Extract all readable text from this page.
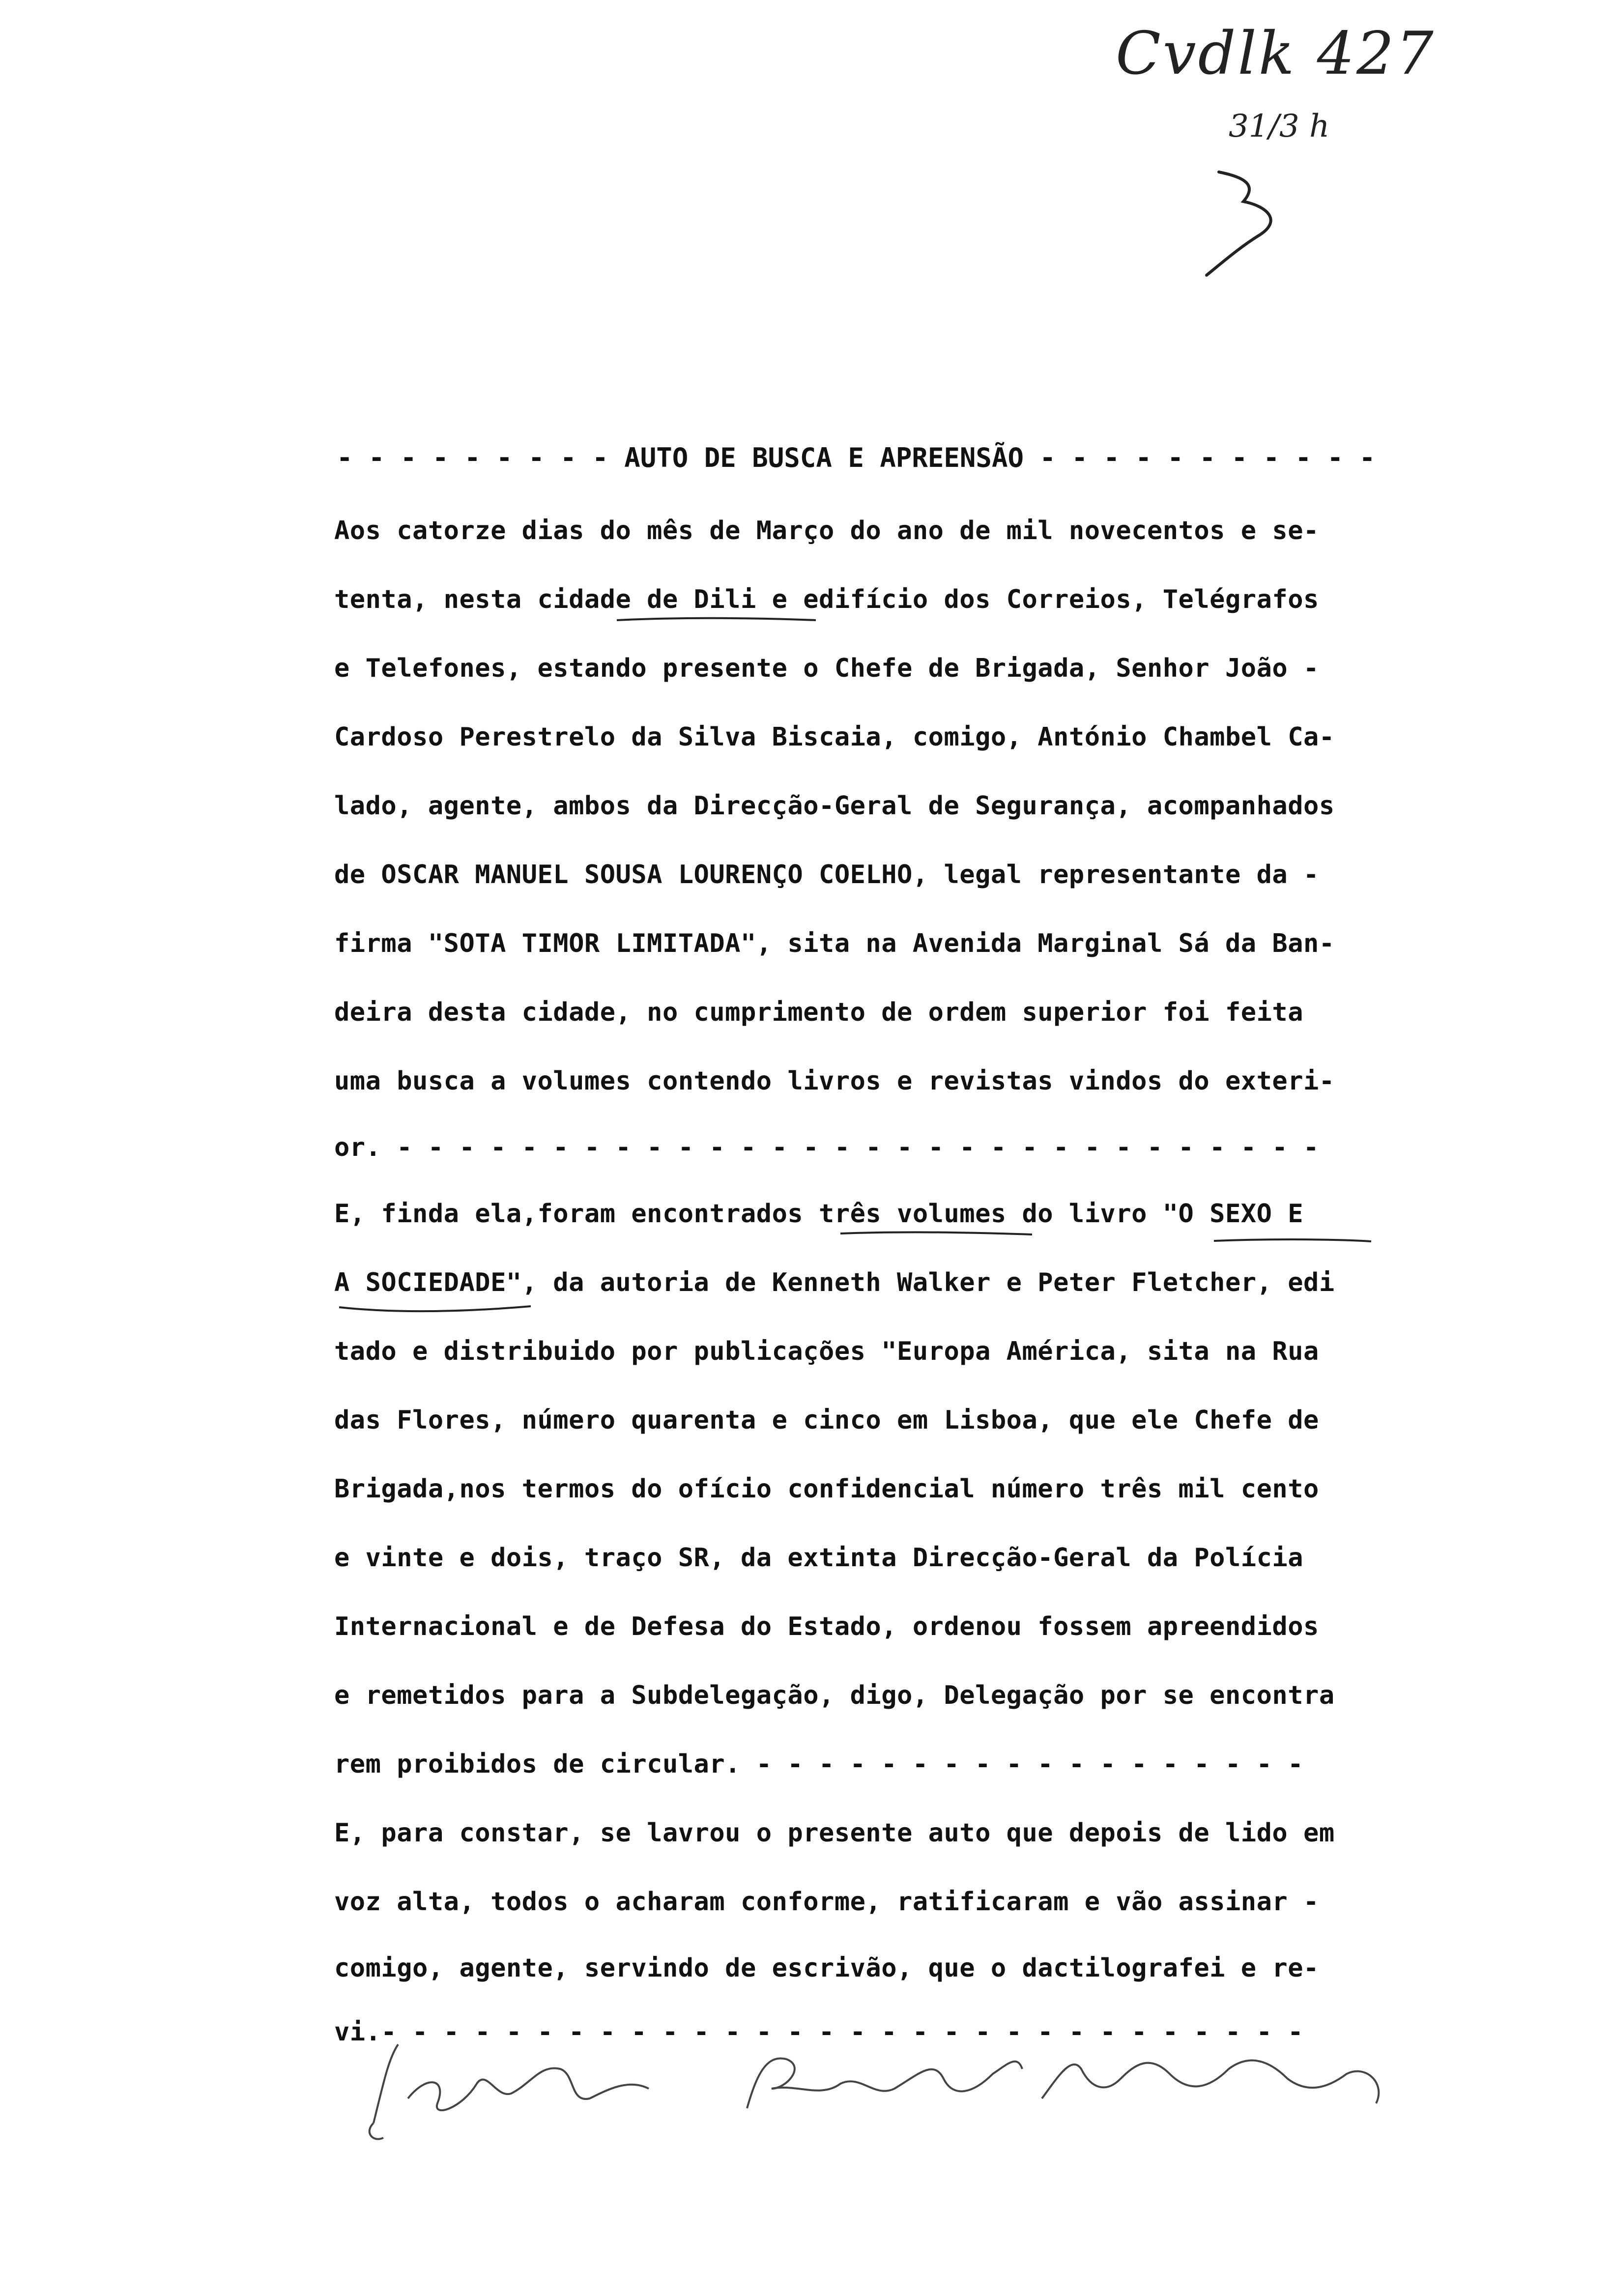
Cvdlk 427
31/3 h
- - - - - - - - - AUTO DE BUSCA E APREENSÃO - - - - - - - - - - -
Aos catorze dias do mês de Março do ano de mil novecentos e se-
tenta, nesta cidade de Dili e edifício dos Correios, Telégrafos
e Telefones, estando presente o Chefe de Brigada, Senhor João -
Cardoso Perestrelo da Silva Biscaia, comigo, António Chambel Ca-
lado, agente, ambos da Direcção-Geral de Segurança, acompanhados
de OSCAR MANUEL SOUSA LOURENÇO COELHO, legal representante da -
firma "SOTA TIMOR LIMITADA", sita na Avenida Marginal Sá da Ban-
deira desta cidade, no cumprimento de ordem superior foi feita
uma busca a volumes contendo livros e revistas vindos do exteri-
or. - - - - - - - - - - - - - - - - - - - - - - - - - - - - - -
E, finda ela,foram encontrados três volumes do livro "O SEXO E
A SOCIEDADE", da autoria de Kenneth Walker e Peter Fletcher, edi
tado e distribuido por publicações "Europa América, sita na Rua
das Flores, número quarenta e cinco em Lisboa, que ele Chefe de
Brigada,nos termos do ofício confidencial número três mil cento
e vinte e dois, traço SR, da extinta Direcção-Geral da Polícia
Internacional e de Defesa do Estado, ordenou fossem apreendidos
e remetidos para a Subdelegação, digo, Delegação por se encontra
rem proibidos de circular. - - - - - - - - - - - - - - - - - -
E, para constar, se lavrou o presente auto que depois de lido em
voz alta, todos o acharam conforme, ratificaram e vão assinar -
comigo, agente, servindo de escrivão, que o dactilografei e re-
vi.- - - - - - - - - - - - - - - - - - - - - - - - - - - - - -
